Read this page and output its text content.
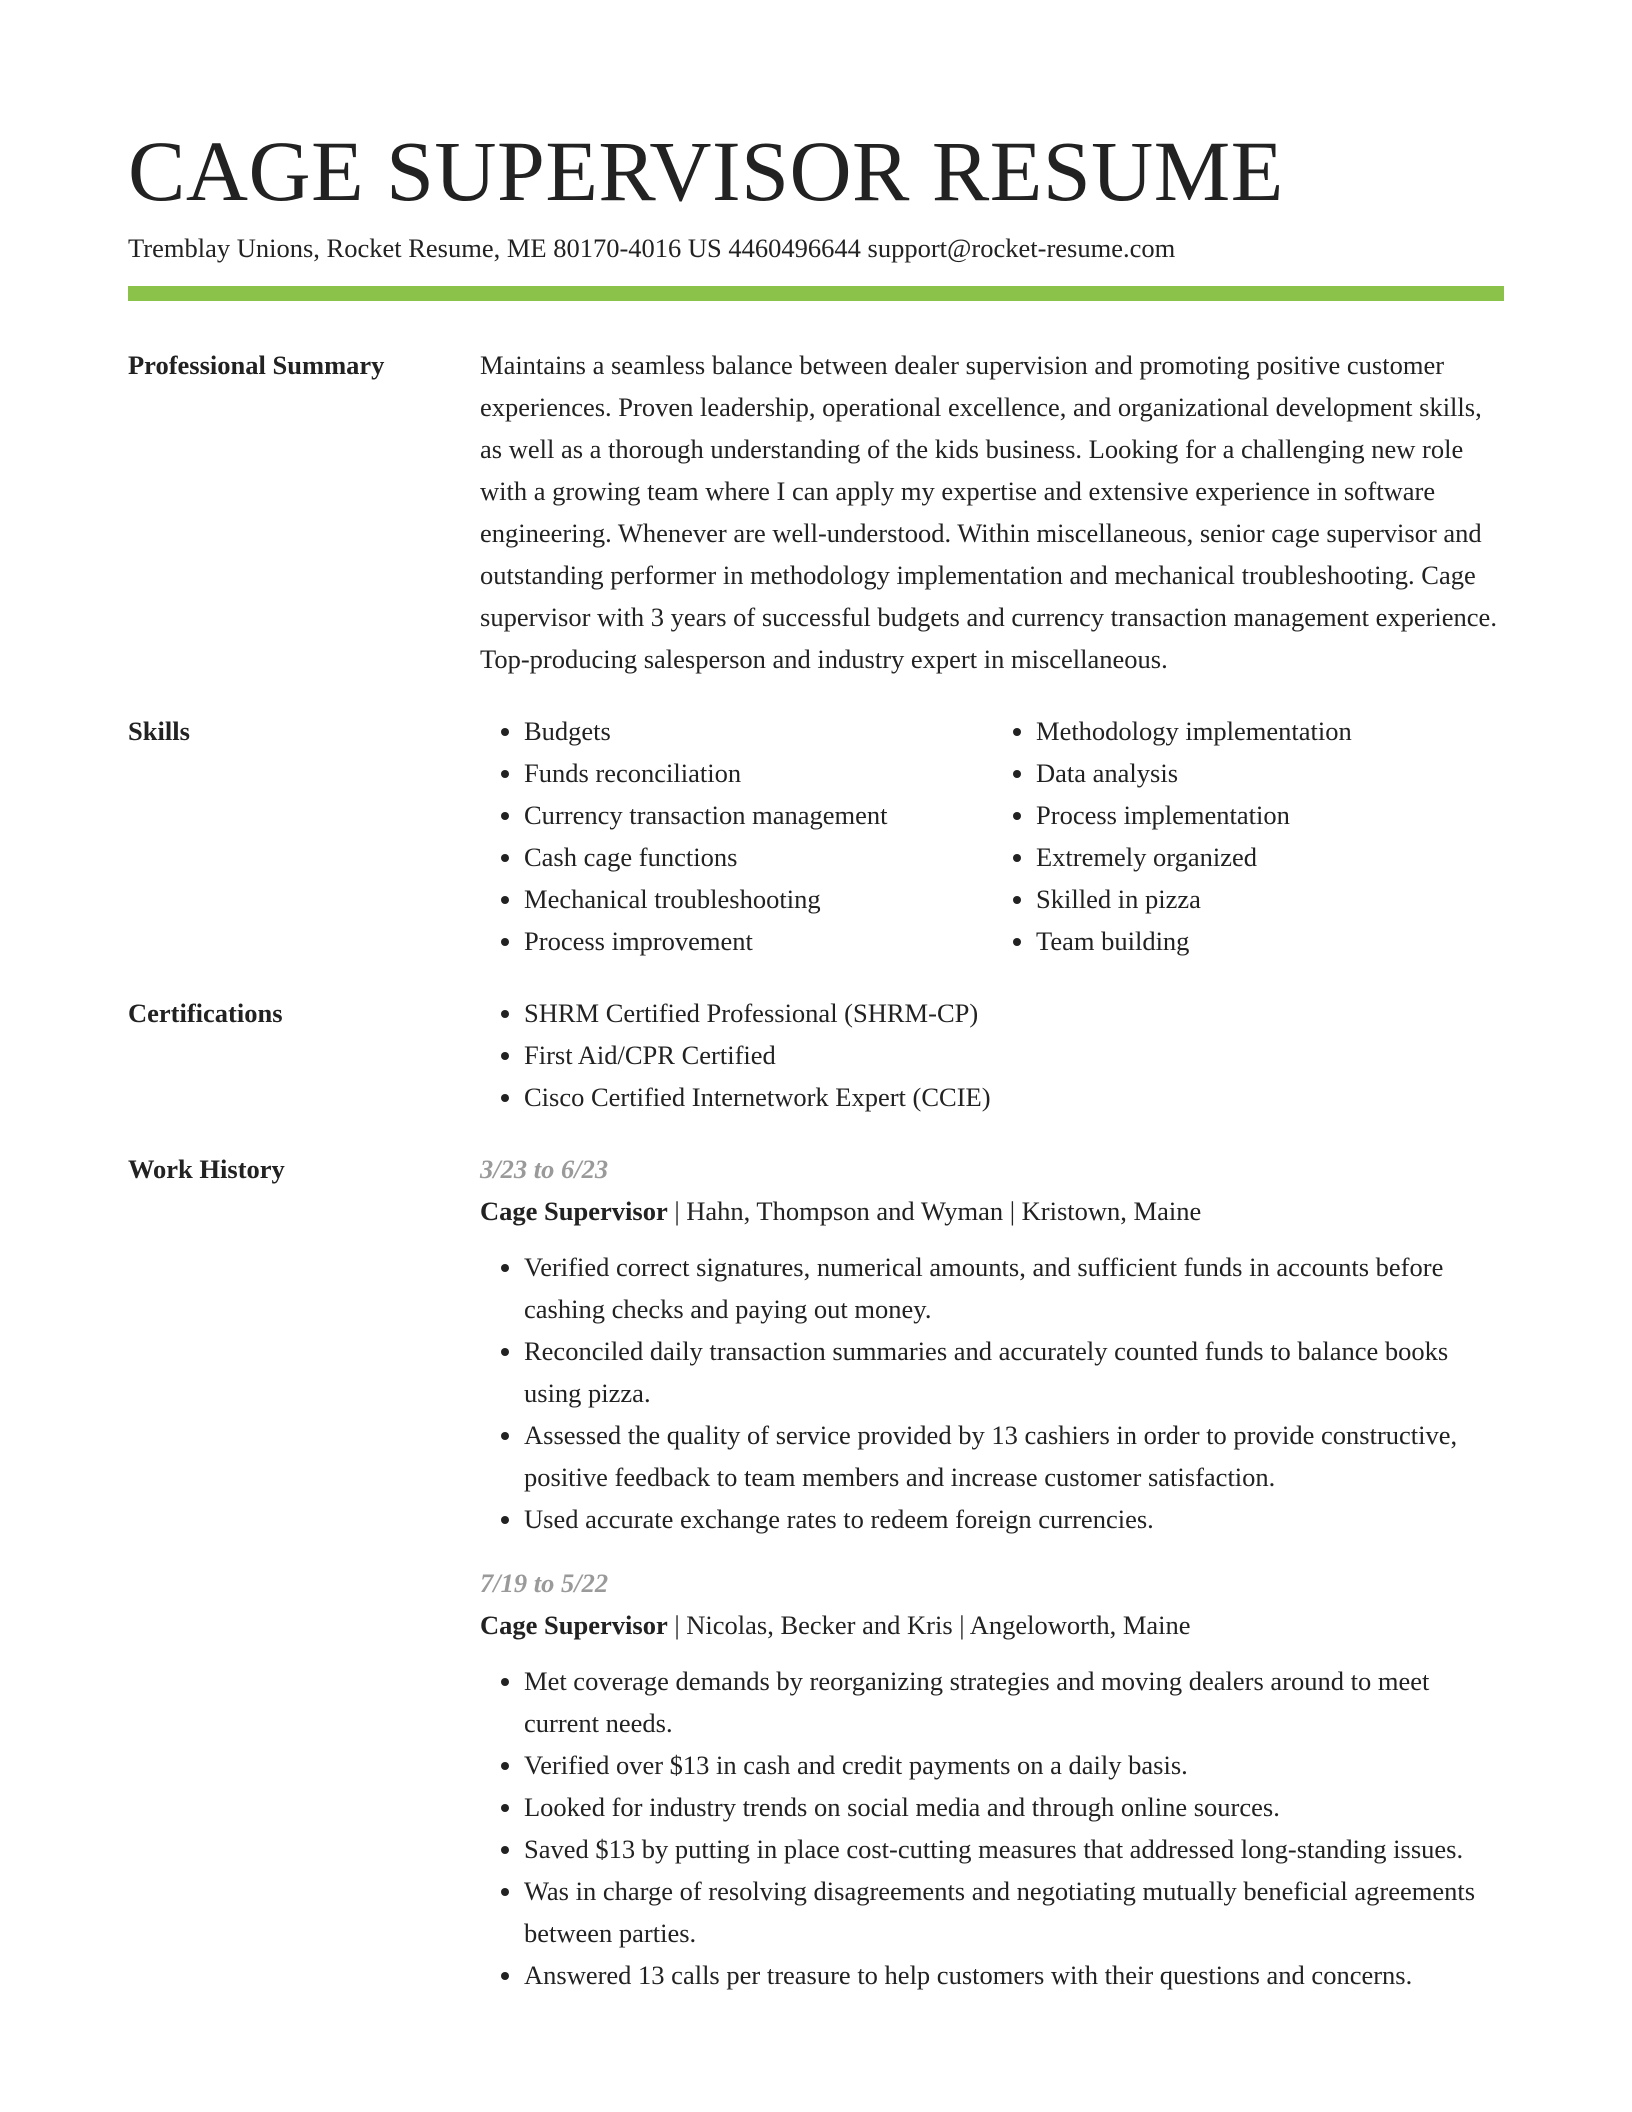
CAGE SUPERVISOR RESUME
Tremblay Unions, Rocket Resume, ME 80170-4016 US 4460496644 support@rocket-resume.com
Professional Summary	Maintains a seamless balance between dealer supervision and promoting positive customer experiences. Proven leadership, operational excellence, and organizational development skills, as well as a thorough understanding of the kids business. Looking for a challenging new role with a growing team where I can apply my expertise and extensive experience in software engineering. Whenever are well-understood. Within miscellaneous, senior cage supervisor and outstanding performer in methodology implementation and mechanical troubleshooting. Cage supervisor with 3 years of successful budgets and currency transaction management experience. Top-producing salesperson and industry expert in miscellaneous.

Skills	• Budgets
• Funds reconciliation
• Currency transaction management
• Cash cage functions
• Mechanical troubleshooting
• Process improvement
• Methodology implementation
• Data analysis
• Process implementation
• Extremely organized
• Skilled in pizza
• Team building
Certifications	• SHRM Certified Professional (SHRM-CP)
• First Aid/CPR Certified
• Cisco Certified Internetwork Expert (CCIE)
Work History	3/23 to 6/23
Cage Supervisor | Hahn, Thompson and Wyman | Kristown, Maine
• Verified correct signatures, numerical amounts, and sufficient funds in accounts before cashing checks and paying out money.
• Reconciled daily transaction summaries and accurately counted funds to balance books using pizza.
• Assessed the quality of service provided by 13 cashiers in order to provide constructive, positive feedback to team members and increase customer satisfaction.
• Used accurate exchange rates to redeem foreign currencies.
7/19 to 5/22
Cage Supervisor | Nicolas, Becker and Kris | Angeloworth, Maine
• Met coverage demands by reorganizing strategies and moving dealers around to meet current needs.
• Verified over $13 in cash and credit payments on a daily basis.
• Looked for industry trends on social media and through online sources.
• Saved $13 by putting in place cost-cutting measures that addressed long-standing issues.
• Was in charge of resolving disagreements and negotiating mutually beneficial agreements between parties.
• Answered 13 calls per treasure to help customers with their questions and concerns.
